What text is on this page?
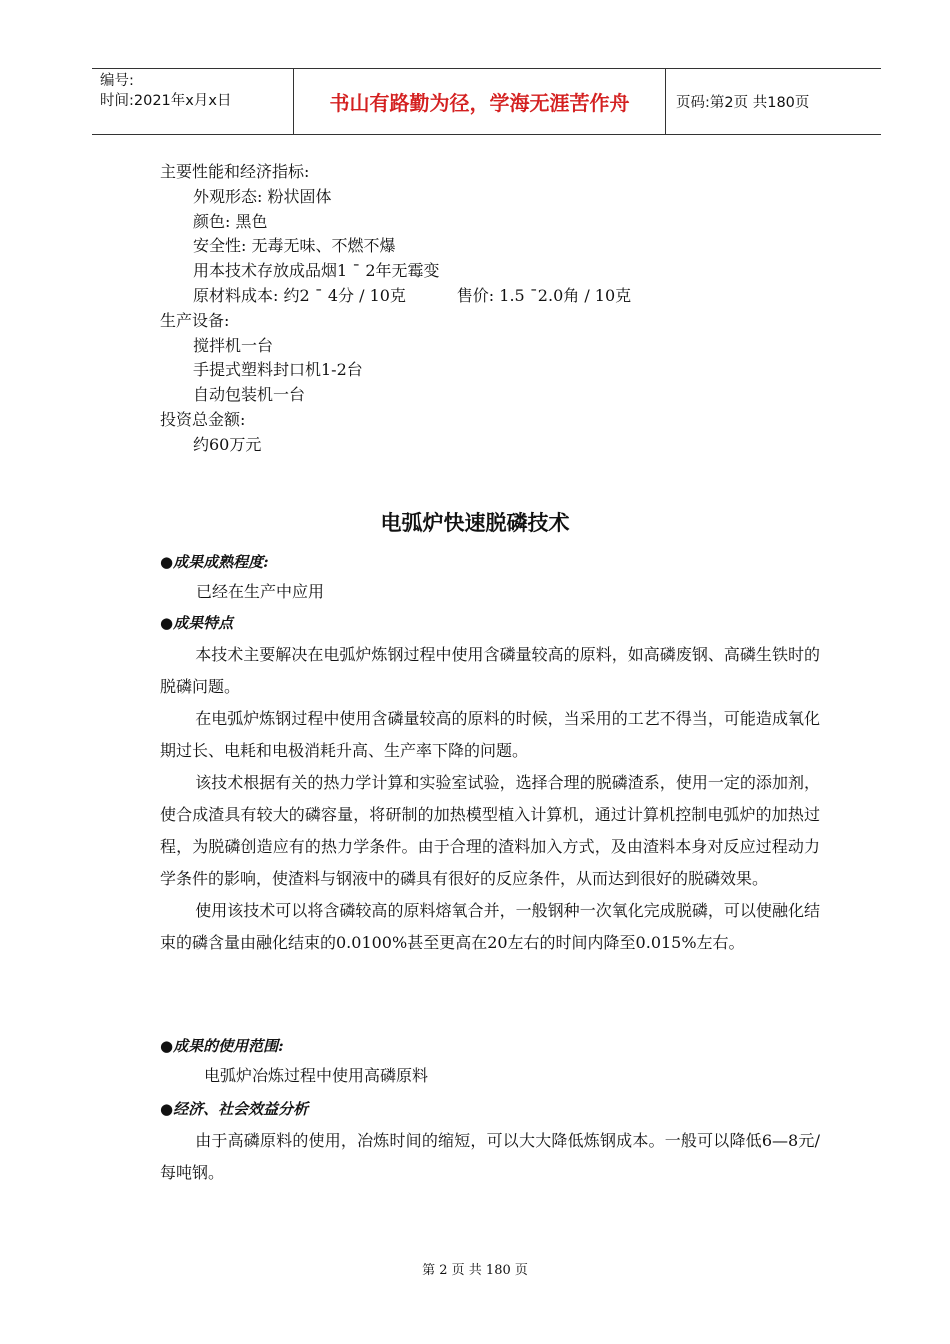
编号:
时间:2021年x月x日	书山有路勤为径，学海无涯苦作舟	页码:第2页 共180页
主要性能和经济指标:
外观形态: 粉状固体
颜色: 黑色
安全性: 无毒无味、不燃不爆
用本技术存放成品烟1 ¯ 2年无霉变
原材料成本: 约2 ¯ 4分 / 10克          售价: 1.5 ¯2.0角 / 10克
生产设备:
搅拌机一台
手提式塑料封口机1-2台
自动包装机一台
投资总金额:
约60万元
电弧炉快速脱磷技术
●成果成熟程度:
已经在生产中应用
●成果特点
本技术主要解决在电弧炉炼钢过程中使用含磷量较高的原料，如高磷废钢、高磷生铁时的脱磷问题。
在电弧炉炼钢过程中使用含磷量较高的原料的时候，当采用的工艺不得当，可能造成氧化期过长、电耗和电极消耗升高、生产率下降的问题。
该技术根据有关的热力学计算和实验室试验，选择合理的脱磷渣系，使用一定的添加剂，使合成渣具有较大的磷容量，将研制的加热模型植入计算机，通过计算机控制电弧炉的加热过程，为脱磷创造应有的热力学条件。由于合理的渣料加入方式，及由渣料本身对反应过程动力学条件的影响，使渣料与钢液中的磷具有很好的反应条件，从而达到很好的脱磷效果。
使用该技术可以将含磷较高的原料熔氧合并，一般钢种一次氧化完成脱磷，可以使融化结束的磷含量由融化结束的0.0100%甚至更高在20左右的时间内降至0.015%左右。
●成果的使用范围:
电弧炉冶炼过程中使用高磷原料
●经济、社会效益分析
由于高磷原料的使用，冶炼时间的缩短，可以大大降低炼钢成本。一般可以降低6—8元/每吨钢。
第 2 页 共 180 页
